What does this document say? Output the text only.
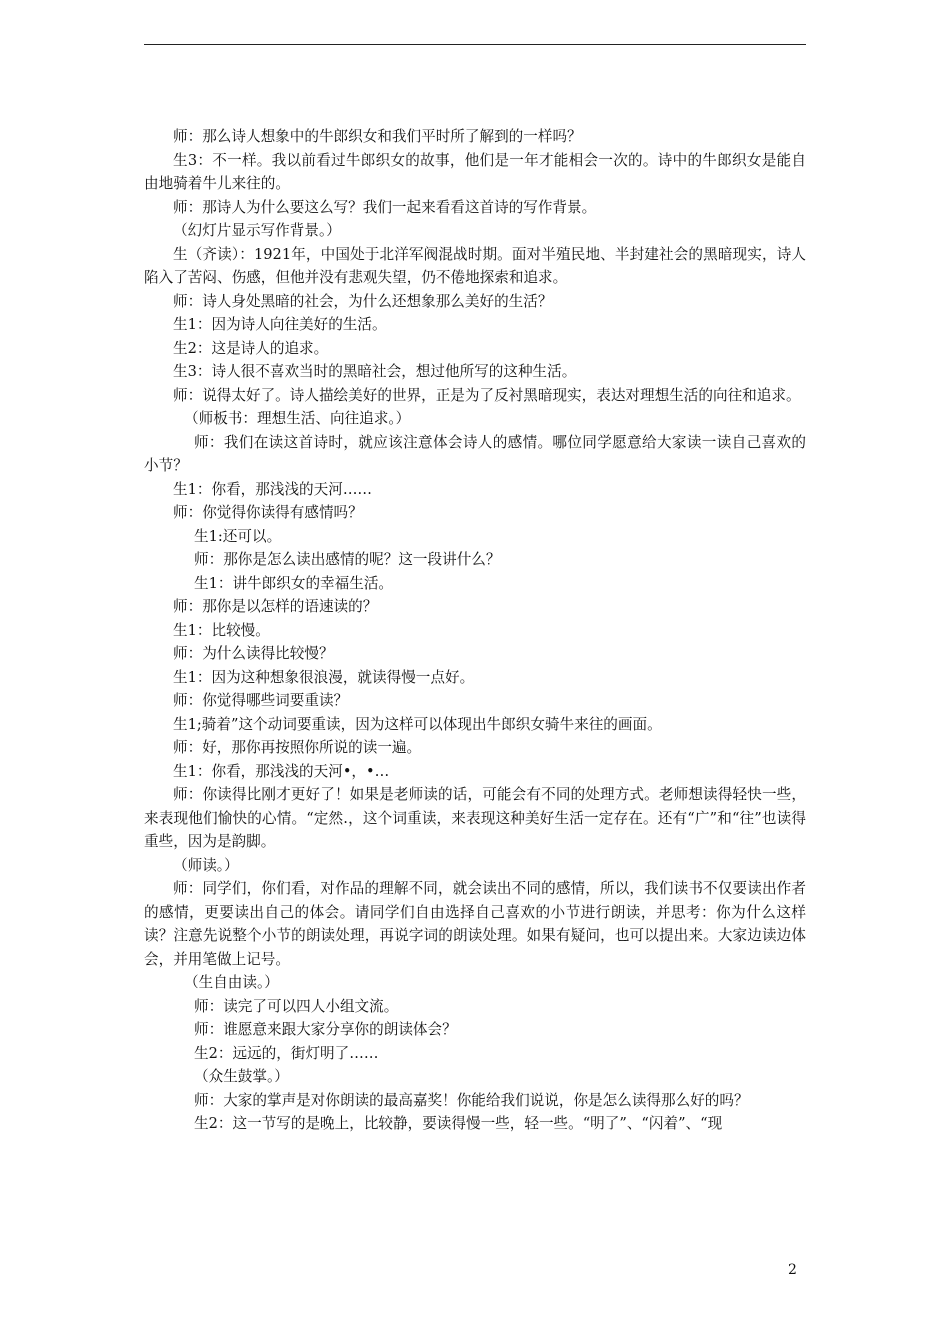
师：那么诗人想象中的牛郎织女和我们平时所了解到的一样吗？

生3：不一样。我以前看过牛郎织女的故事，他们是一年才能相会一次的。诗中的牛郎织女是能自由地骑着牛儿来往的。

师：那诗人为什么要这么写？我们一起来看看这首诗的写作背景。

（幻灯片显示写作背景。）

生（齐读）：1921年，中国处于北洋军阀混战时期。面对半殖民地、半封建社会的黑暗现实，诗人陷入了苦闷、伤感，但他并没有悲观失望，仍不倦地探索和追求。

师：诗人身处黑暗的社会，为什么还想象那么美好的生活？

生1：因为诗人向往美好的生活。

生2：这是诗人的追求。

生3：诗人很不喜欢当时的黑暗社会，想过他所写的这种生活。

师：说得太好了。诗人描绘美好的世界，正是为了反衬黑暗现实，表达对理想生活的向往和追求。

（师板书：理想生活、向往追求。）

师：我们在读这首诗时，就应该注意体会诗人的感情。哪位同学愿意给大家读一读自己喜欢的小节？

生1：你看，那浅浅的天河……

师：你觉得你读得有感情吗？

生1:还可以。

师：那你是怎么读出感情的呢？这一段讲什么？

生1：讲牛郎织女的幸福生活。

师：那你是以怎样的语速读的？

生1：比较慢。

师：为什么读得比较慢？

生1：因为这种想象很浪漫，就读得慢一点好。

师：你觉得哪些词要重读？

生1;骑着”这个动词要重读，因为这样可以体现出牛郎织女骑牛来往的画面。

师：好，那你再按照你所说的读一遍。

生1：你看，那浅浅的天河•，•…

师：你读得比刚才更好了！如果是老师读的话，可能会有不同的处理方式。老师想读得轻快一些，来表现他们愉快的心情。“定然.，这个词重读，来表现这种美好生活一定存在。还有“广”和“往”也读得重些，因为是韵脚。

（师读。）

师：同学们，你们看，对作品的理解不同，就会读出不同的感情，所以，我们读书不仅要读出作者的感情，更要读出自己的体会。请同学们自由选择自己喜欢的小节进行朗读，并思考：你为什么这样读？注意先说整个小节的朗读处理，再说字词的朗读处理。如果有疑问，也可以提出来。大家边读边体会，并用笔做上记号。

（生自由读。）

师：读完了可以四人小组文流。

师：谁愿意来跟大家分享你的朗读体会？

生2：远远的，街灯明了……

（众生鼓掌。）

师：大家的掌声是对你朗读的最高嘉奖！你能给我们说说，你是怎么读得那么好的吗？

生2：这一节写的是晚上，比较静，要读得慢一些，轻一些。“明了”、“闪着”、“现

2
